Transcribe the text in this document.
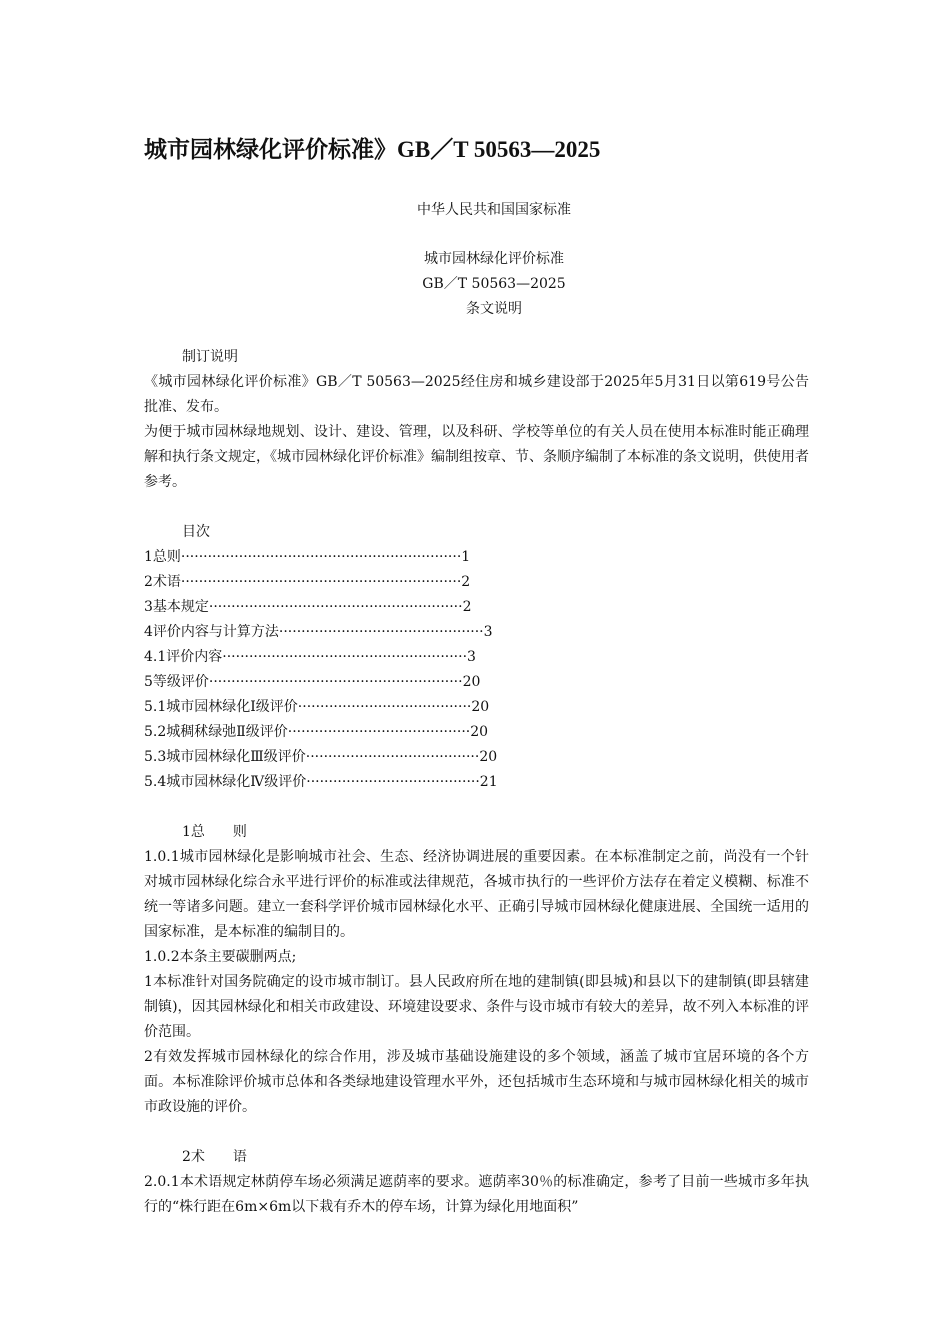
城市园林绿化评价标准》GB／T 50563—2025
中华人民共和国国家标准
城市园林绿化评价标准
GB／T 50563—2025
条文说明

制订说明

《城市园林绿化评价标准》GB／T 50563—2025经住房和城乡建设部于2025年5月31日以第619号公告批准、发布。

为便于城市园林绿地规划、设计、建设、管理，以及科研、学校等单位的有关人员在使用本标准时能正确理解和执行条文规定，《城市园林绿化评价标准》编制组按章、节、条顺序编制了本标准的条文说明，供使用者参考。

目次

1总则·······························································1

2术语·······························································2

3基本规定·························································2

4评价内容与计算方法··············································3

4.1评价内容·······················································3

5等级评价·························································20

5.1城市园林绿化Ⅰ级评价·······································20

5.2城稠秫绿弛Ⅱ级评价·········································20

5.3城市园林绿化Ⅲ级评价·······································20

5.4城市园林绿化Ⅳ级评价·······································21

1总　　则

1.0.1城市园林绿化是影响城市社会、生态、经济协调进展的重要因素。在本标准制定之前，尚没有一个针对城市园林绿化综合永平进行评价的标准或法律规范，各城市执行的一些评价方法存在着定义模糊、标准不统一等诸多问题。建立一套科学评价城市园林绿化水平、正确引导城市园林绿化健康进展、全国统一适用的国家标准，是本标准的编制目的。

1.0.2本条主要碳删两点;

1本标准针对国务院确定的设市城市制订。县人民政府所在地的建制镇(即县城)和县以下的建制镇(即县辖建制镇)，因其园林绿化和相关市政建设、环境建设要求、条件与设市城市有较大的差异，故不列入本标准的评价范围。

2有效发挥城市园林绿化的综合作用，涉及城市基础设施建设的多个领域，涵盖了城市宜居环境的各个方面。本标准除评价城市总体和各类绿地建设管理水平外，还包括城市生态环境和与城市园林绿化相关的城市市政设施的评价。

2术　　语

2.0.1本术语规定林荫停车场必须满足遮荫率的要求。遮荫率30％的标准确定，参考了目前一些城市多年执行的“株行距在6m×6m以下栽有乔木的停车场，计算为绿化用地面积”
